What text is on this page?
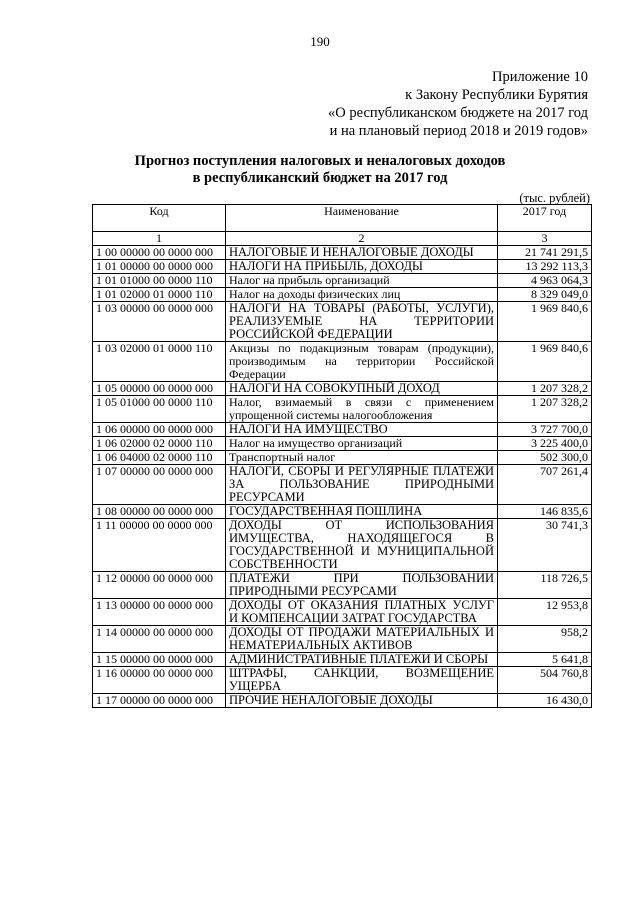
190
Приложение 10
к Закону Республики Бурятия
«О республиканском бюджете на 2017 год
и на плановый период 2018 и 2019 годов»
Прогноз поступления налоговых и неналоговых доходов
в республиканский бюджет на 2017 год
(тыс. рублей)
Код	Наименование	2017 год
1	2	3
1 00 00000 00 0000 000	НАЛОГОВЫЕ И НЕНАЛОГОВЫЕ ДОХОДЫ	21 741 291,5
1 01 00000 00 0000 000	НАЛОГИ НА ПРИБЫЛЬ, ДОХОДЫ	13 292 113,3
1 01 01000 00 0000 110	Налог на прибыль организаций	4 963 064,3
1 01 02000 01 0000 110	Налог на доходы физических лиц	8 329 049,0
1 03 00000 00 0000 000	НАЛОГИ НА ТОВАРЫ (РАБОТЫ, УСЛУГИ), РЕАЛИЗУЕМЫЕ НА ТЕРРИТОРИИ РОССИЙСКОЙ ФЕДЕРАЦИИ	1 969 840,6
1 03 02000 01 0000 110	Акцизы по подакцизным товарам (продукции), производимым на территории Российской Федерации	1 969 840,6
1 05 00000 00 0000 000	НАЛОГИ НА СОВОКУПНЫЙ ДОХОД	1 207 328,2
1 05 01000 00 0000 110	Налог, взимаемый в связи с применением упрощенной системы налогообложения	1 207 328,2
1 06 00000 00 0000 000	НАЛОГИ НА ИМУЩЕСТВО	3 727 700,0
1 06 02000 02 0000 110	Налог на имущество организаций	3 225 400,0
1 06 04000 02 0000 110	Транспортный налог	502 300,0
1 07 00000 00 0000 000	НАЛОГИ, СБОРЫ И РЕГУЛЯРНЫЕ ПЛАТЕЖИ ЗА ПОЛЬЗОВАНИЕ ПРИРОДНЫМИ РЕСУРСАМИ	707 261,4
1 08 00000 00 0000 000	ГОСУДАРСТВЕННАЯ ПОШЛИНА	146 835,6
1 11 00000 00 0000 000	ДОХОДЫ ОТ ИСПОЛЬЗОВАНИЯ ИМУЩЕСТВА, НАХОДЯЩЕГОСЯ В ГОСУДАРСТВЕННОЙ И МУНИЦИПАЛЬНОЙ СОБСТВЕННОСТИ	30 741,3
1 12 00000 00 0000 000	ПЛАТЕЖИ ПРИ ПОЛЬЗОВАНИИ ПРИРОДНЫМИ РЕСУРСАМИ	118 726,5
1 13 00000 00 0000 000	ДОХОДЫ ОТ ОКАЗАНИЯ ПЛАТНЫХ УСЛУГ И КОМПЕНСАЦИИ ЗАТРАТ ГОСУДАРСТВА	12 953,8
1 14 00000 00 0000 000	ДОХОДЫ ОТ ПРОДАЖИ МАТЕРИАЛЬНЫХ И НЕМАТЕРИАЛЬНЫХ АКТИВОВ	958,2
1 15 00000 00 0000 000	АДМИНИСТРАТИВНЫЕ ПЛАТЕЖИ И СБОРЫ	5 641,8
1 16 00000 00 0000 000	ШТРАФЫ, САНКЦИИ, ВОЗМЕЩЕНИЕ УЩЕРБА	504 760,8
1 17 00000 00 0000 000	ПРОЧИЕ НЕНАЛОГОВЫЕ ДОХОДЫ	16 430,0
